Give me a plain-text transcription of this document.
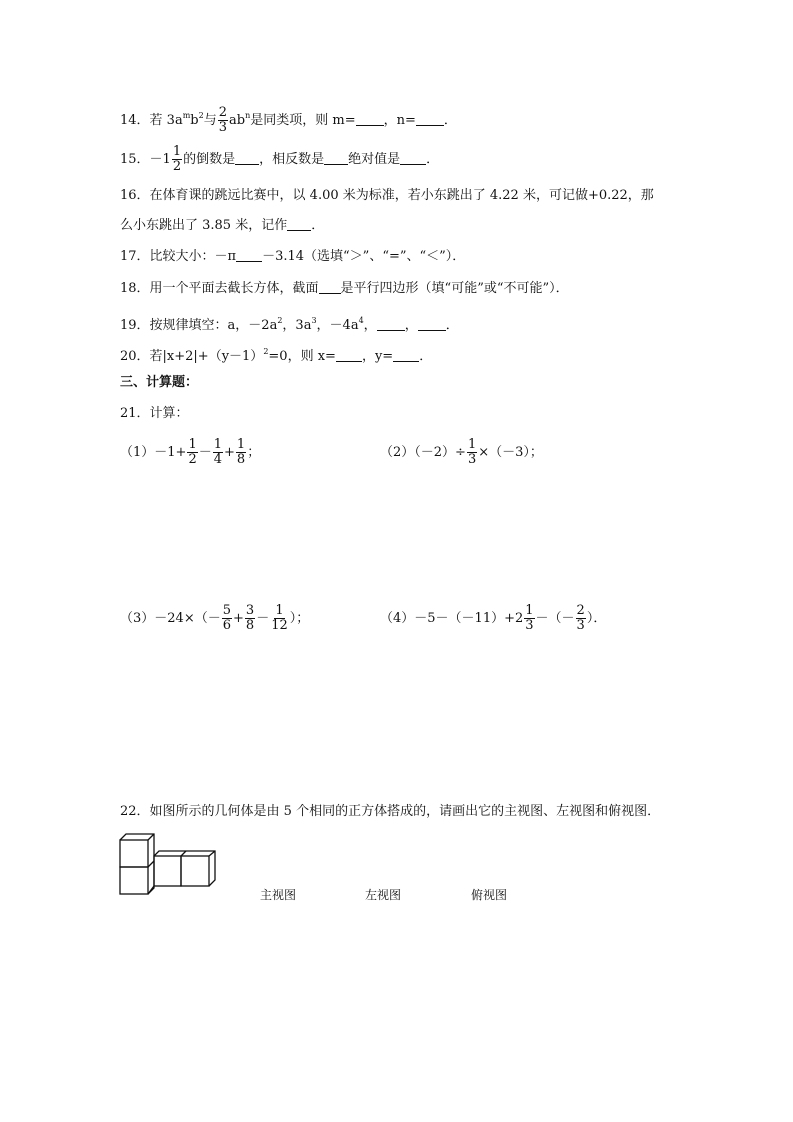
14．若 $3a^mb^2$与 $\frac{2}{3} ab^n$是同类项，则 m= ，n= ．
15．$-1 \frac{1}{2}$ 的倒数是 ，相反数是 绝对值是 ．
16．在体育课的跳远比赛中，以 4.00 米为标准，若小东跳出了 4.22 米，可记做+0.22，那
么小东跳出了 3.85 米，记作 ．
17．比较大小：－π －3.14（选填“＞”、“=”、“＜”）．
18．用一个平面去截长方体，截面 是平行四边形（填“可能”或“不可能”）．
19．按规律填空：a，$-2a^2$，$3a^3$，$-4a^4$， ， ．
20．若$|x+2|+(y-1)^2=0$，则 x= ，y= ．
三、计算题：
21．计算：
$(1)-1+ \frac{1}{2} - \frac{1}{4} + \frac{1}{8}$ ；	$(2)(-2)\div \frac{1}{3} \times(-3)$；
$(3)-24\times(- \frac{5}{6} + \frac{3}{8} - \frac{1}{12}$ ）；	$(4)-5-(-11)+2 \frac{1}{3}$ －（－ $\frac{2}{3}$ ）．
22．如图所示的几何体是由 5 个相同的正方体搭成的，请画出它的主视图、左视图和俯视图．
主视图	左视图	俯视图
